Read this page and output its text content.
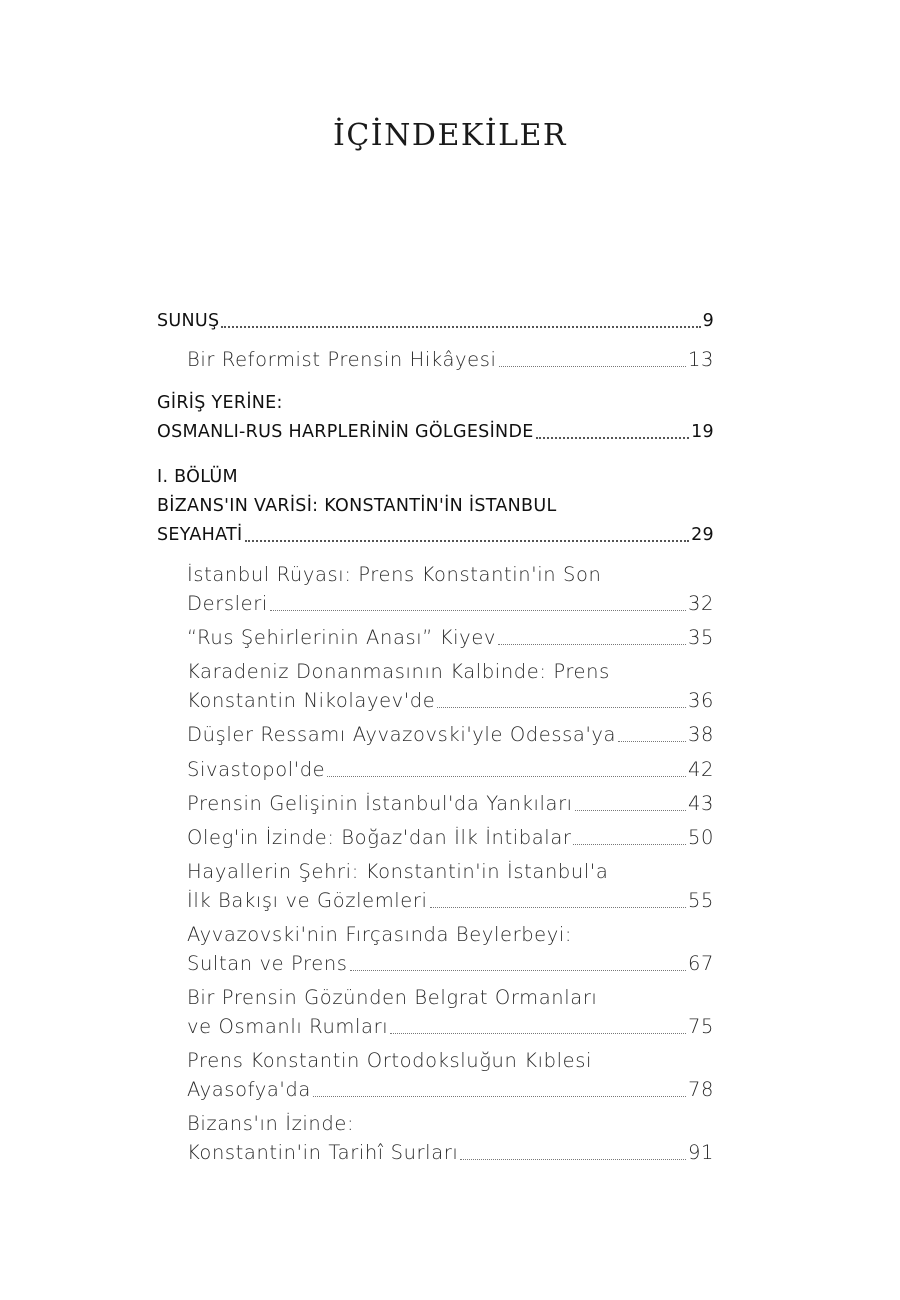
İÇİNDEKİLER
SUNUŞ	9
Bir Reformist Prensin Hikâyesi	13
GİRİŞ YERİNE:
OSMANLI-RUS HARPLERİNİN GÖLGESİNDE	19
I. BÖLÜM
BİZANS'IN VARİSİ: KONSTANTİN'İN İSTANBUL
SEYAHATİ	29
İstanbul Rüyası: Prens Konstantin'in Son
Dersleri	32
“Rus Şehirlerinin Anası” Kiyev	35
Karadeniz Donanmasının Kalbinde: Prens
Konstantin Nikolayev'de	36
Düşler Ressamı Ayvazovski'yle Odessa'ya	38
Sivastopol'de	42
Prensin Gelişinin İstanbul'da Yankıları	43
Oleg'in İzinde: Boğaz'dan İlk İntibalar	50
Hayallerin Şehri: Konstantin'in İstanbul'a
İlk Bakışı ve Gözlemleri	55
Ayvazovski'nin Fırçasında Beylerbeyi:
Sultan ve Prens	67
Bir Prensin Gözünden Belgrat Ormanları
ve Osmanlı Rumları	75
Prens Konstantin Ortodoksluğun Kıblesi
Ayasofya'da	78
Bizans'ın İzinde:
Konstantin'in Tarihî Surları	91
